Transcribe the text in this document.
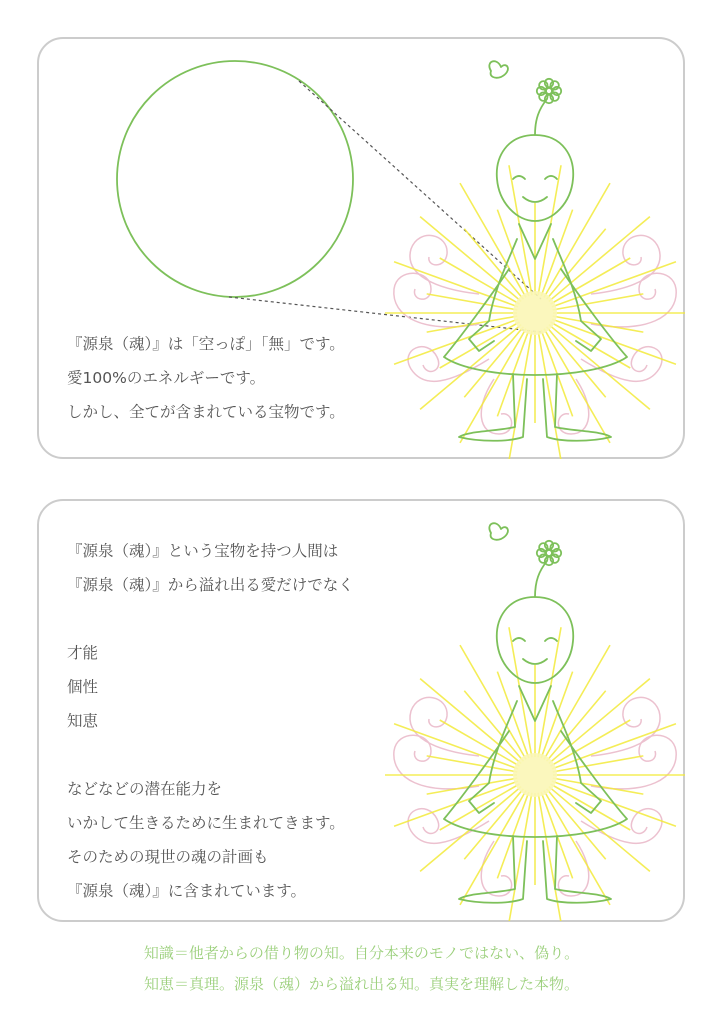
『源泉（魂）』は「空っぽ」「無」です。
愛100%のエネルギーです。
しかし、全てが含まれている宝物です。
『源泉（魂）』という宝物を持つ人間は
『源泉（魂）』から溢れ出る愛だけでなく
才能
個性
知恵
などなどの潜在能力を
いかして生きるために生まれてきます。
そのための現世の魂の計画も
『源泉（魂）』に含まれています。
知識＝他者からの借り物の知。自分本来のモノではない、偽り。
知恵＝真理。源泉（魂）から溢れ出る知。真実を理解した本物。
